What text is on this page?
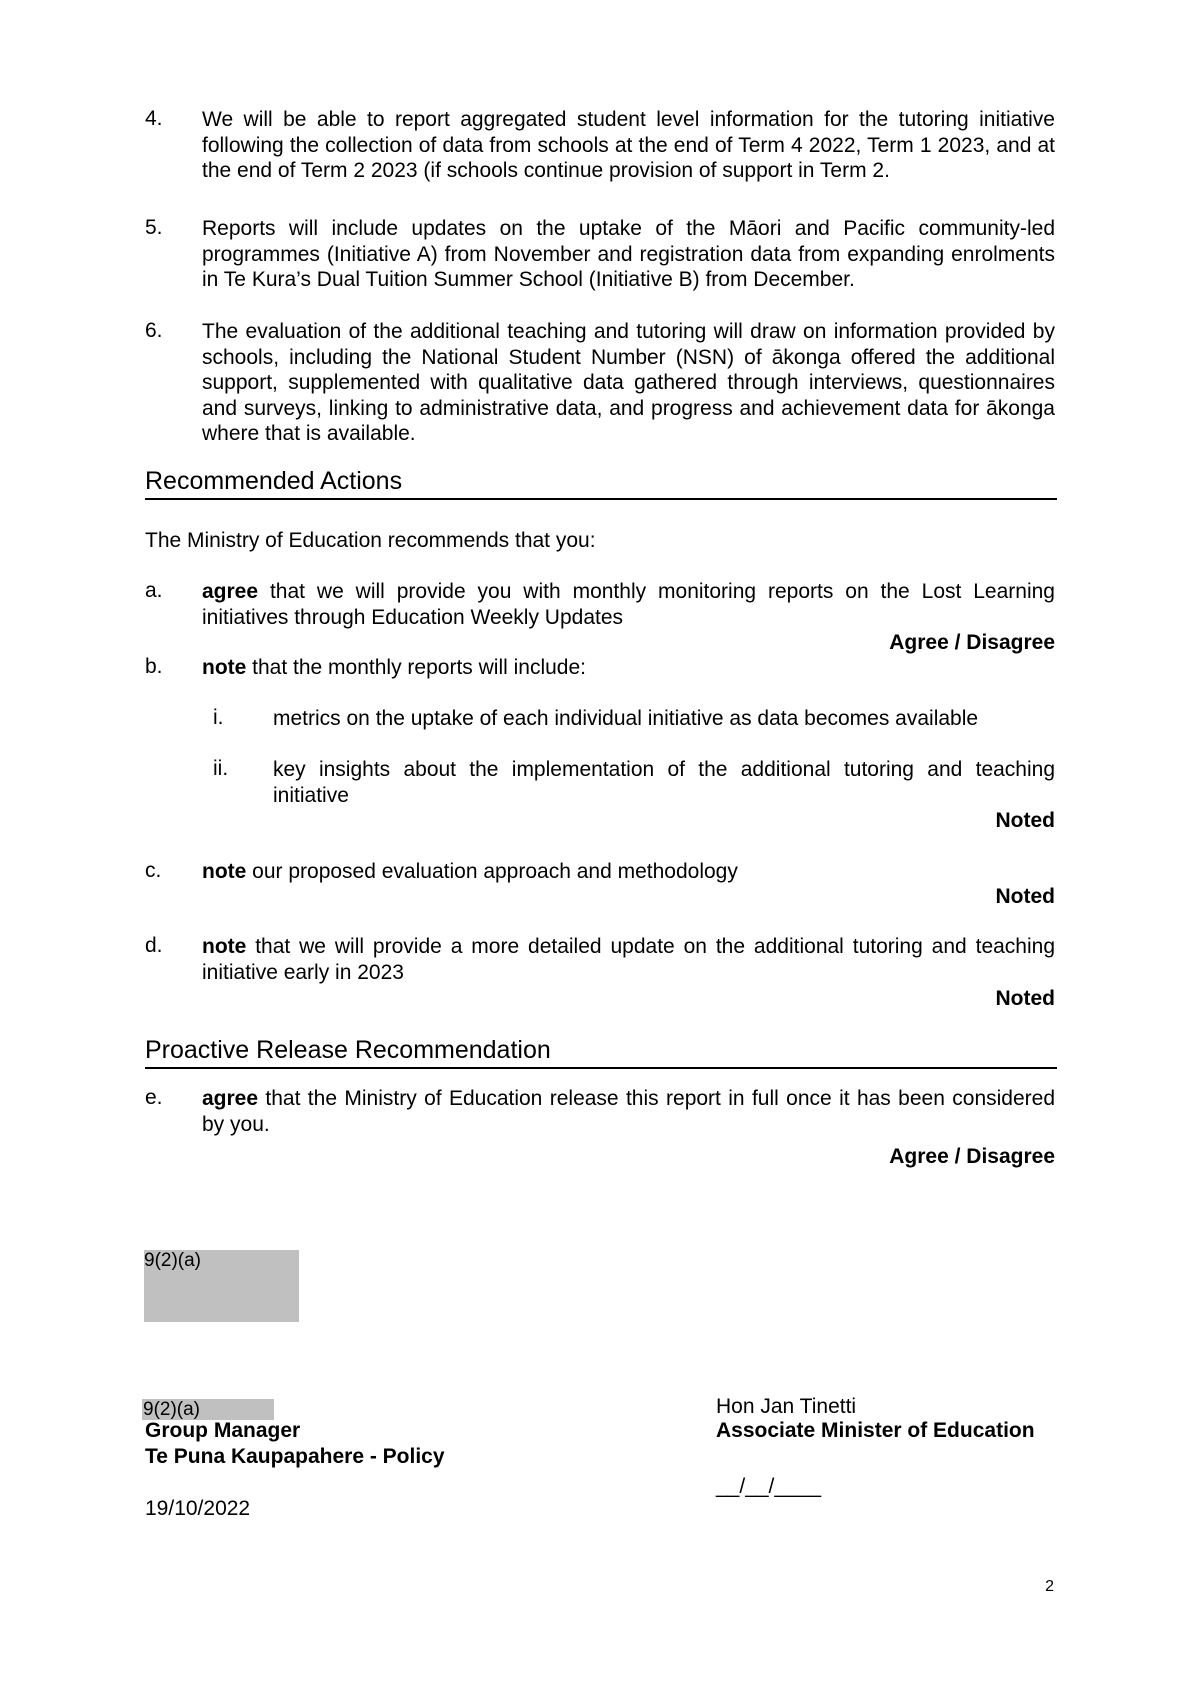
4. We will be able to report aggregated student level information for the tutoring initiative following the collection of data from schools at the end of Term 4 2022, Term 1 2023, and at the end of Term 2 2023 (if schools continue provision of support in Term 2.
5. Reports will include updates on the uptake of the Māori and Pacific community-led programmes (Initiative A) from November and registration data from expanding enrolments in Te Kura’s Dual Tuition Summer School (Initiative B) from December.
6. The evaluation of the additional teaching and tutoring will draw on information provided by schools, including the National Student Number (NSN) of ākonga offered the additional support, supplemented with qualitative data gathered through interviews, questionnaires and surveys, linking to administrative data, and progress and achievement data for ākonga where that is available.
Recommended Actions
The Ministry of Education recommends that you:
a. agree that we will provide you with monthly monitoring reports on the Lost Learning initiatives through Education Weekly Updates
Agree / Disagree
b. note that the monthly reports will include:
i. metrics on the uptake of each individual initiative as data becomes available
ii. key insights about the implementation of the additional tutoring and teaching initiative
Noted
c. note our proposed evaluation approach and methodology
Noted
d. note that we will provide a more detailed update on the additional tutoring and teaching initiative early in 2023
Noted
Proactive Release Recommendation
e. agree that the Ministry of Education release this report in full once it has been considered by you.
Agree / Disagree
9(2)(a)
9(2)(a)
Group Manager
Te Puna Kaupapahere - Policy
19/10/2022
Hon Jan Tinetti
Associate Minister of Education
__/__/____
2
